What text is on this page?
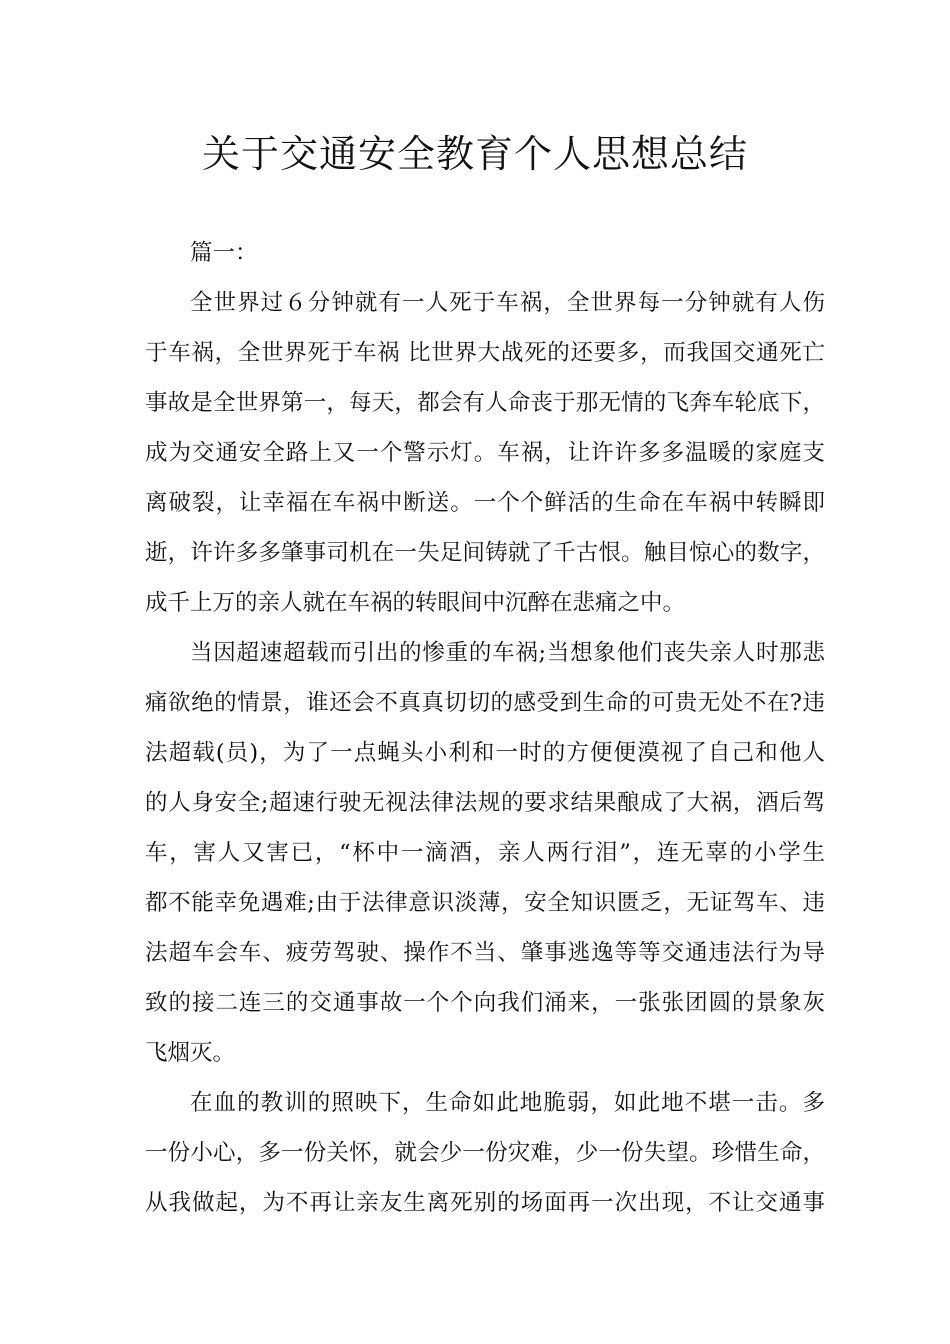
关于交通安全教育个人思想总结
篇一：
全世界过６分钟就有一人死于车祸，全世界每一分钟就有人伤
于车祸，全世界死于车祸 比世界大战死的还要多，而我国交通死亡
事故是全世界第一，每天，都会有人命丧于那无情的飞奔车轮底下，
成为交通安全路上又一个警示灯。车祸，让许许多多温暖的家庭支
离破裂，让幸福在车祸中断送。一个个鲜活的生命在车祸中转瞬即
逝，许许多多肇事司机在一失足间铸就了千古恨。触目惊心的数字，
成千上万的亲人就在车祸的转眼间中沉醉在悲痛之中。
当因超速超载而引出的惨重的车祸;当想象他们丧失亲人时那悲
痛欲绝的情景，谁还会不真真切切的感受到生命的可贵无处不在?违
法超载(员)，为了一点蝇头小利和一时的方便便漠视了自己和他人
的人身安全;超速行驶无视法律法规的要求结果酿成了大祸，酒后驾
车，害人又害已，“杯中一滴酒，亲人两行泪”，连无辜的小学生
都不能幸免遇难;由于法律意识淡薄，安全知识匮乏，无证驾车、违
法超车会车、疲劳驾驶、操作不当、肇事逃逸等等交通违法行为导
致的接二连三的交通事故一个个向我们涌来，一张张团圆的景象灰
飞烟灭。
在血的教训的照映下，生命如此地脆弱，如此地不堪一击。多
一份小心，多一份关怀，就会少一份灾难，少一份失望。珍惜生命，
从我做起，为不再让亲友生离死别的场面再一次出现，不让交通事
